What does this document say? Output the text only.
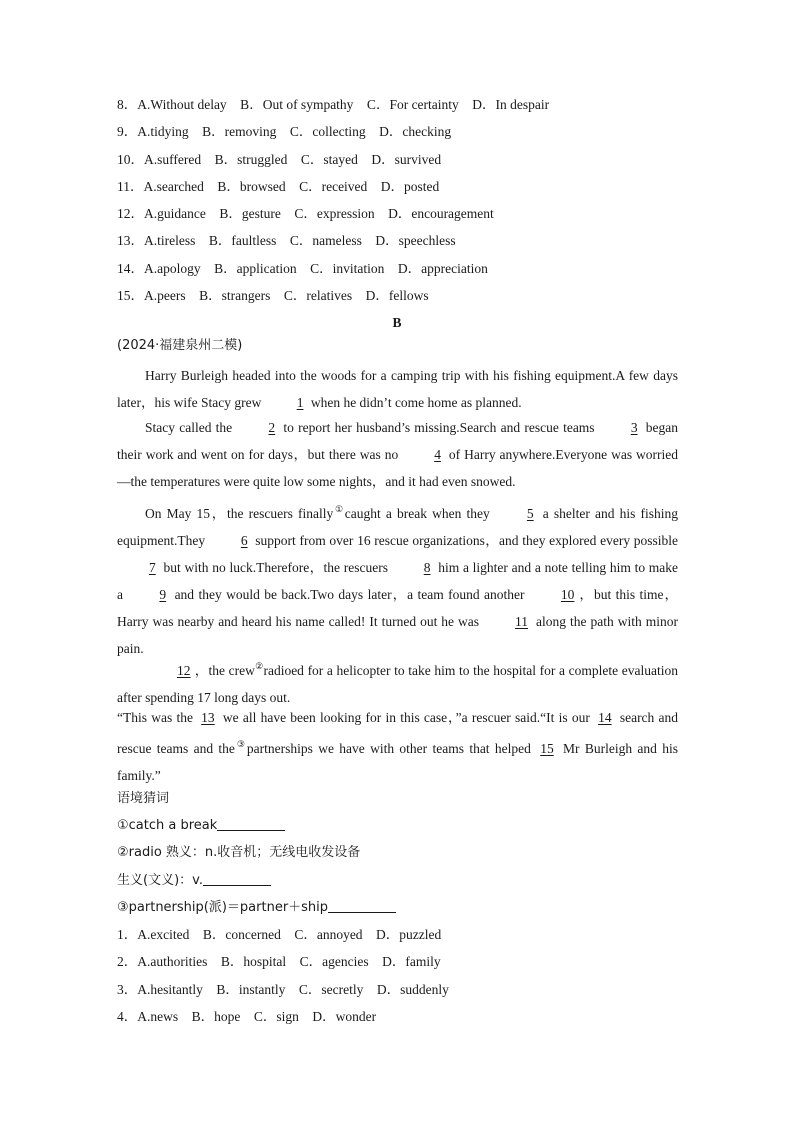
8．A.Without delay　B．Out of sympathy　C．For certainty　D．In despair
9．A.tidying　B．removing　C．collecting　D．checking
10．A.suffered　B．struggled　C．stayed　D．survived
11．A.searched　B．browsed　C．received　D．posted
12．A.guidance　B．gesture　C．expression　D．encouragement
13．A.tireless　B．faultless　C．nameless　D．speechless
14．A.apology　B．application　C．invitation　D．appreciation
15．A.peers　B．strangers　C．relatives　D．fellows
B
(2024·福建泉州二模)
Harry Burleigh headed into the woods for a camping trip with his fishing equipment.A few days later，his wife Stacy grew	1 when he didn’t come home as planned.
Stacy called the	2 to report her husband’s missing.Search and rescue teams	3 began their work and went on for days，but there was no	4 of Harry anywhere.Everyone was worried—the temperatures were quite low some nights，and it had even snowed.
On May 15，the rescuers finally①caught a break when they	5 a shelter and his fishing equipment.They	6 support from over 16 rescue organizations，and they explored every possible 7 but with no luck.Therefore，the rescuers	8 him a lighter and a note telling him to make a	9 and they would be back.Two days later，a team found another	10 ，but this time，Harry was nearby and heard his name called! It turned out he was	11 along the path with minor pain.
12 ，the crew②radioed for a helicopter to take him to the hospital for a complete evaluation after spending 17 long days out.
“This was the 13 we all have been looking for in this case，”a rescuer said.“It is our 14 search and rescue teams and the③partnerships we have with other teams that helped 15 Mr Burleigh and his family.”
语境猜词
①catch a break
②radio 熟义：n.收音机；无线电收发设备
生义(文义)：v.
③partnership(派)＝partner＋ship
1．A.excited　B．concerned　C．annoyed　D．puzzled
2．A.authorities　B．hospital　C．agencies　D．family
3．A.hesitantly　B．instantly　C．secretly　D．suddenly
4．A.news　B．hope　C．sign　D．wonder
